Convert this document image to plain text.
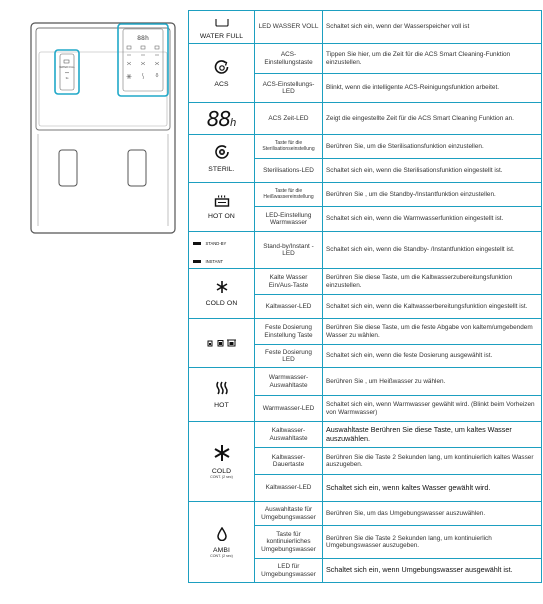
WATER FULL
3s
88h	WATER FULL	LED WASSER VOLL	Schaltet sich ein, wenn der Wasserspeicher voll ist

ACS	ACS-Einstellungstaste	Tippen Sie hier, um die Zeit für die ACS Smart Cleaning-Funktion einzustellen.
	ACS-Einstellungs-LED	Blinkt, wenn die intelligente ACS-Reinigungsfunktion arbeitet.
88h	ACS Zeit-LED	Zeigt die eingestellte Zeit für die ACS Smart Cleaning Funktion an.

STERIL.	Taste für die Sterilisationseinstellung	Berühren Sie, um die Sterilisationsfunktion einzustellen.
	Sterilisations-LED	Schaltet sich ein, wenn die Sterilisationsfunktion eingestellt ist.

HOT ON	Taste für die Heißwassereinstellung	Berühren Sie , um die Standby-/Instantfunktion einzustellen.
	LED-Einstellung Warmwasser	Schaltet sich ein, wenn die Warmwasserfunktion eingestellt ist.

STAND-BY
INSTANT	Stand-by/Instant -LED	Schaltet sich ein, wenn die Standby- /Instantfunktion eingestellt ist.

COLD ON	Kalte Wasser Ein/Aus-Taste	Berühren Sie diese Taste, um die Kaltwasserzubereitungsfunktion einzustellen.
	Kaltwasser-LED	Schaltet sich ein, wenn die Kaltwasserbereitungsfunktion eingestellt ist.
	Feste Dosierung Einstellung Taste	Berühren Sie diese Taste, um die feste Abgabe von kaltem/umgebendem Wasser zu wählen.
	Feste Dosierung LED	Schaltet sich ein, wenn die feste Dosierung ausgewählt ist.

HOT	Warmwasser-Auswahltaste	Berühren Sie , um Heißwasser zu wählen.
	Warmwasser-LED	Schaltet sich ein, wenn Warmwasser gewählt wird. (Blinkt beim Vorheizen von Warmwasser)

COLD
CONT. (2 sec)	Kaltwasser-Auswahltaste	Auswahltaste Berühren Sie diese Taste, um kaltes Wasser auszuwählen.
	Kaltwasser-Dauertaste	Berühren Sie die Taste 2 Sekunden lang, um kontinuierlich kaltes Wasser auszugeben.
	Kaltwasser-LED	Schaltet sich ein, wenn kaltes Wasser gewählt wird.

AMBI
CONT. (2 sec)	Auswahltaste für Umgebungswasser	Berühren Sie, um das Umgebungswasser auszuwählen.
	Taste für kontinuierliches Umgebungswasser	Berühren Sie die Taste 2 Sekunden lang, um kontinuierlich Umgebungswasser auszugeben.
	LED für Umgebungswasser	Schaltet sich ein, wenn Umgebungswasser ausgewählt ist.
